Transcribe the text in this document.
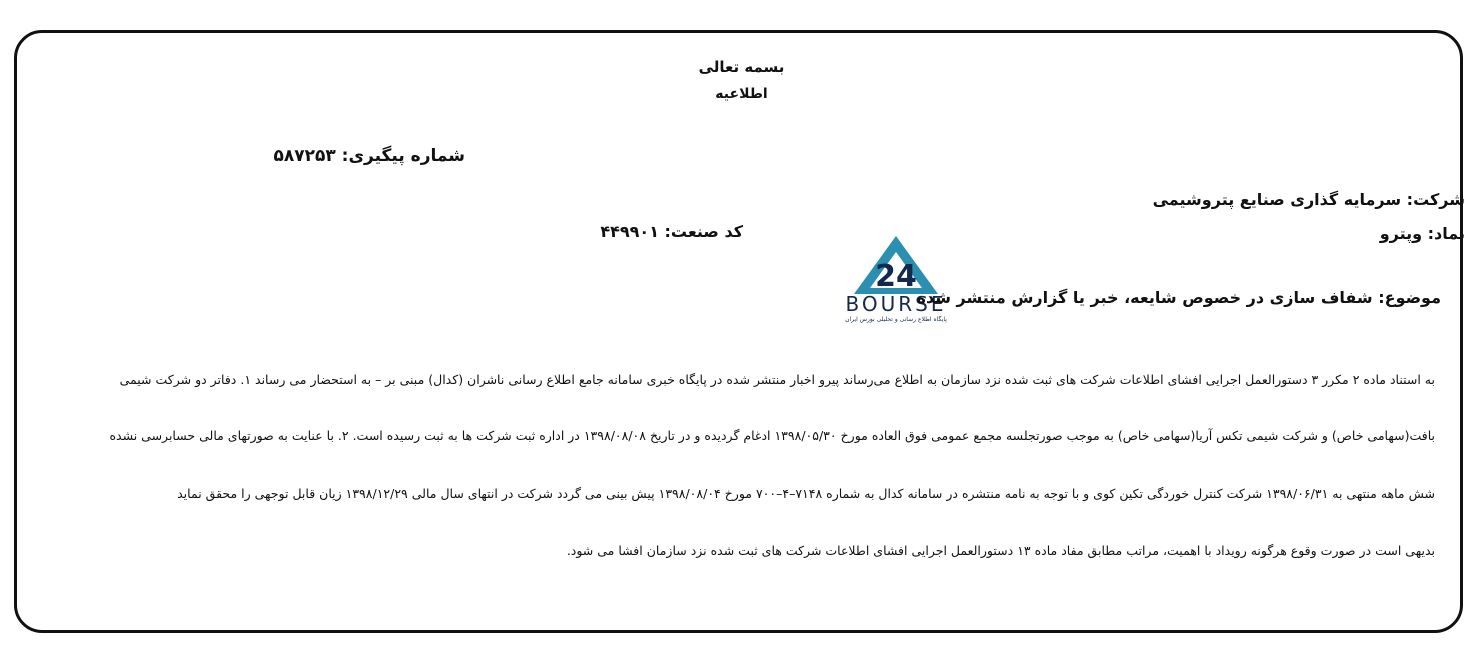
بسمه تعالی
اطلاعیه
شماره پیگیری: ۵۸۷۲۵۳
شرکت: سرمایه گذاری صنایع پتروشیمی
نماد: وپترو
کد صنعت: ۴۴۹۹۰۱
24
BOURSE
پایگاه اطلاع رسانی و تحلیلی بورس ایران
موضوع: شفاف سازی در خصوص شایعه، خبر یا گزارش منتشر شده
به استناد ماده ۲ مکرر ۳ دستورالعمل اجرایی افشای اطلاعات شرکت های ثبت شده نزد سازمان به اطلاع می‌رساند پیرو اخبار منتشر شده در پایگاه خبری سامانه جامع اطلاع رسانی ناشران (کدال) مبنی بر – به استحضار می رساند ۱. دفاتر دو شرکت شیمی
بافت(سهامی خاص) و شرکت شیمی تکس آریا(سهامی خاص) به موجب صورتجلسه مجمع عمومی فوق العاده مورخ ۱۳۹۸/۰۵/۳۰ ادغام گردیده و در تاریخ ۱۳۹۸/۰۸/۰۸ در اداره ثبت شرکت ها به ثبت رسیده است. ۲. با عنایت به صورتهای مالی حسابرسی نشده
شش ماهه منتهی به ۱۳۹۸/۰۶/۳۱ شرکت کنترل خوردگی تکین کوی و با توجه به نامه منتشره در سامانه کدال به شماره ۷۱۴۸–۴–۷۰۰ مورخ ۱۳۹۸/۰۸/۰۴ پیش بینی می گردد شرکت در انتهای سال مالی ۱۳۹۸/۱۲/۲۹ زیان قابل توجهی را محقق نماید
بدیهی است در صورت وقوع هرگونه رویداد با اهمیت، مراتب مطابق مفاد ماده ۱۳ دستورالعمل اجرایی افشای اطلاعات شرکت های ثبت شده نزد سازمان افشا می شود.
